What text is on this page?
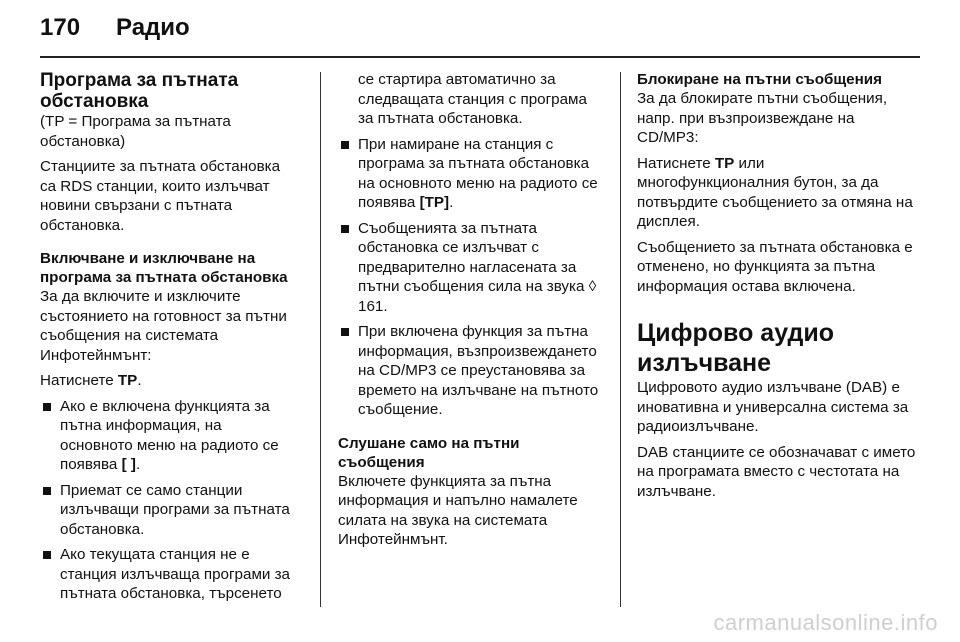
170 Радио
Програма за пътната обстановка

(TP = Програма за пътната обстановка)

Станциите за пътната обстановка са RDS станции, които излъчват новини свързани с пътната обстановка.

Включване и изключване на програма за пътната обстановка

За да включите и изключите състоянието на готовност за пътни съобщения на системата Инфотейнмънт:

Натиснете TP.

Ако е включена функцията за пътна информация, на основното меню на радиото се появява [ ].
Приемат се само станции излъчващи програми за пътната обстановка.
Ако текущата станция не е станция излъчваща програми за пътната обстановка, търсенето

се стартира автоматично за следващата станция с програма за пътната обстановка.

При намиране на станция с програма за пътната обстановка на основното меню на радиото се появява [TP].
Съобщенията за пътната обстановка се излъчват с предварително нагласената за пътни съобщения сила на звука ◊ 161.
При включена функция за пътна информация, възпроизвеждането на CD/MP3 се преустановява за времето на излъчване на пътното съобщение.
Слушане само на пътни съобщения

Включете функцията за пътна информация и напълно намалете силата на звука на системата Инфотейнмънт.

Блокиране на пътни съобщения

За да блокирате пътни съобщения, напр. при възпроизвеждане на CD/MP3:

Натиснете TP или многофункционалния бутон, за да потвърдите съобщението за отмяна на дисплея.

Съобщението за пътната обстановка е отменено, но функцията за пътна информация остава включена.

Цифрово аудио излъчване

Цифровото аудио излъчване (DAB) е иновативна и универсална система за радиоизлъчване.

DAB станциите се обозначават с името на програмата вместо с честотата на излъчване.

carmanualsonline.info
